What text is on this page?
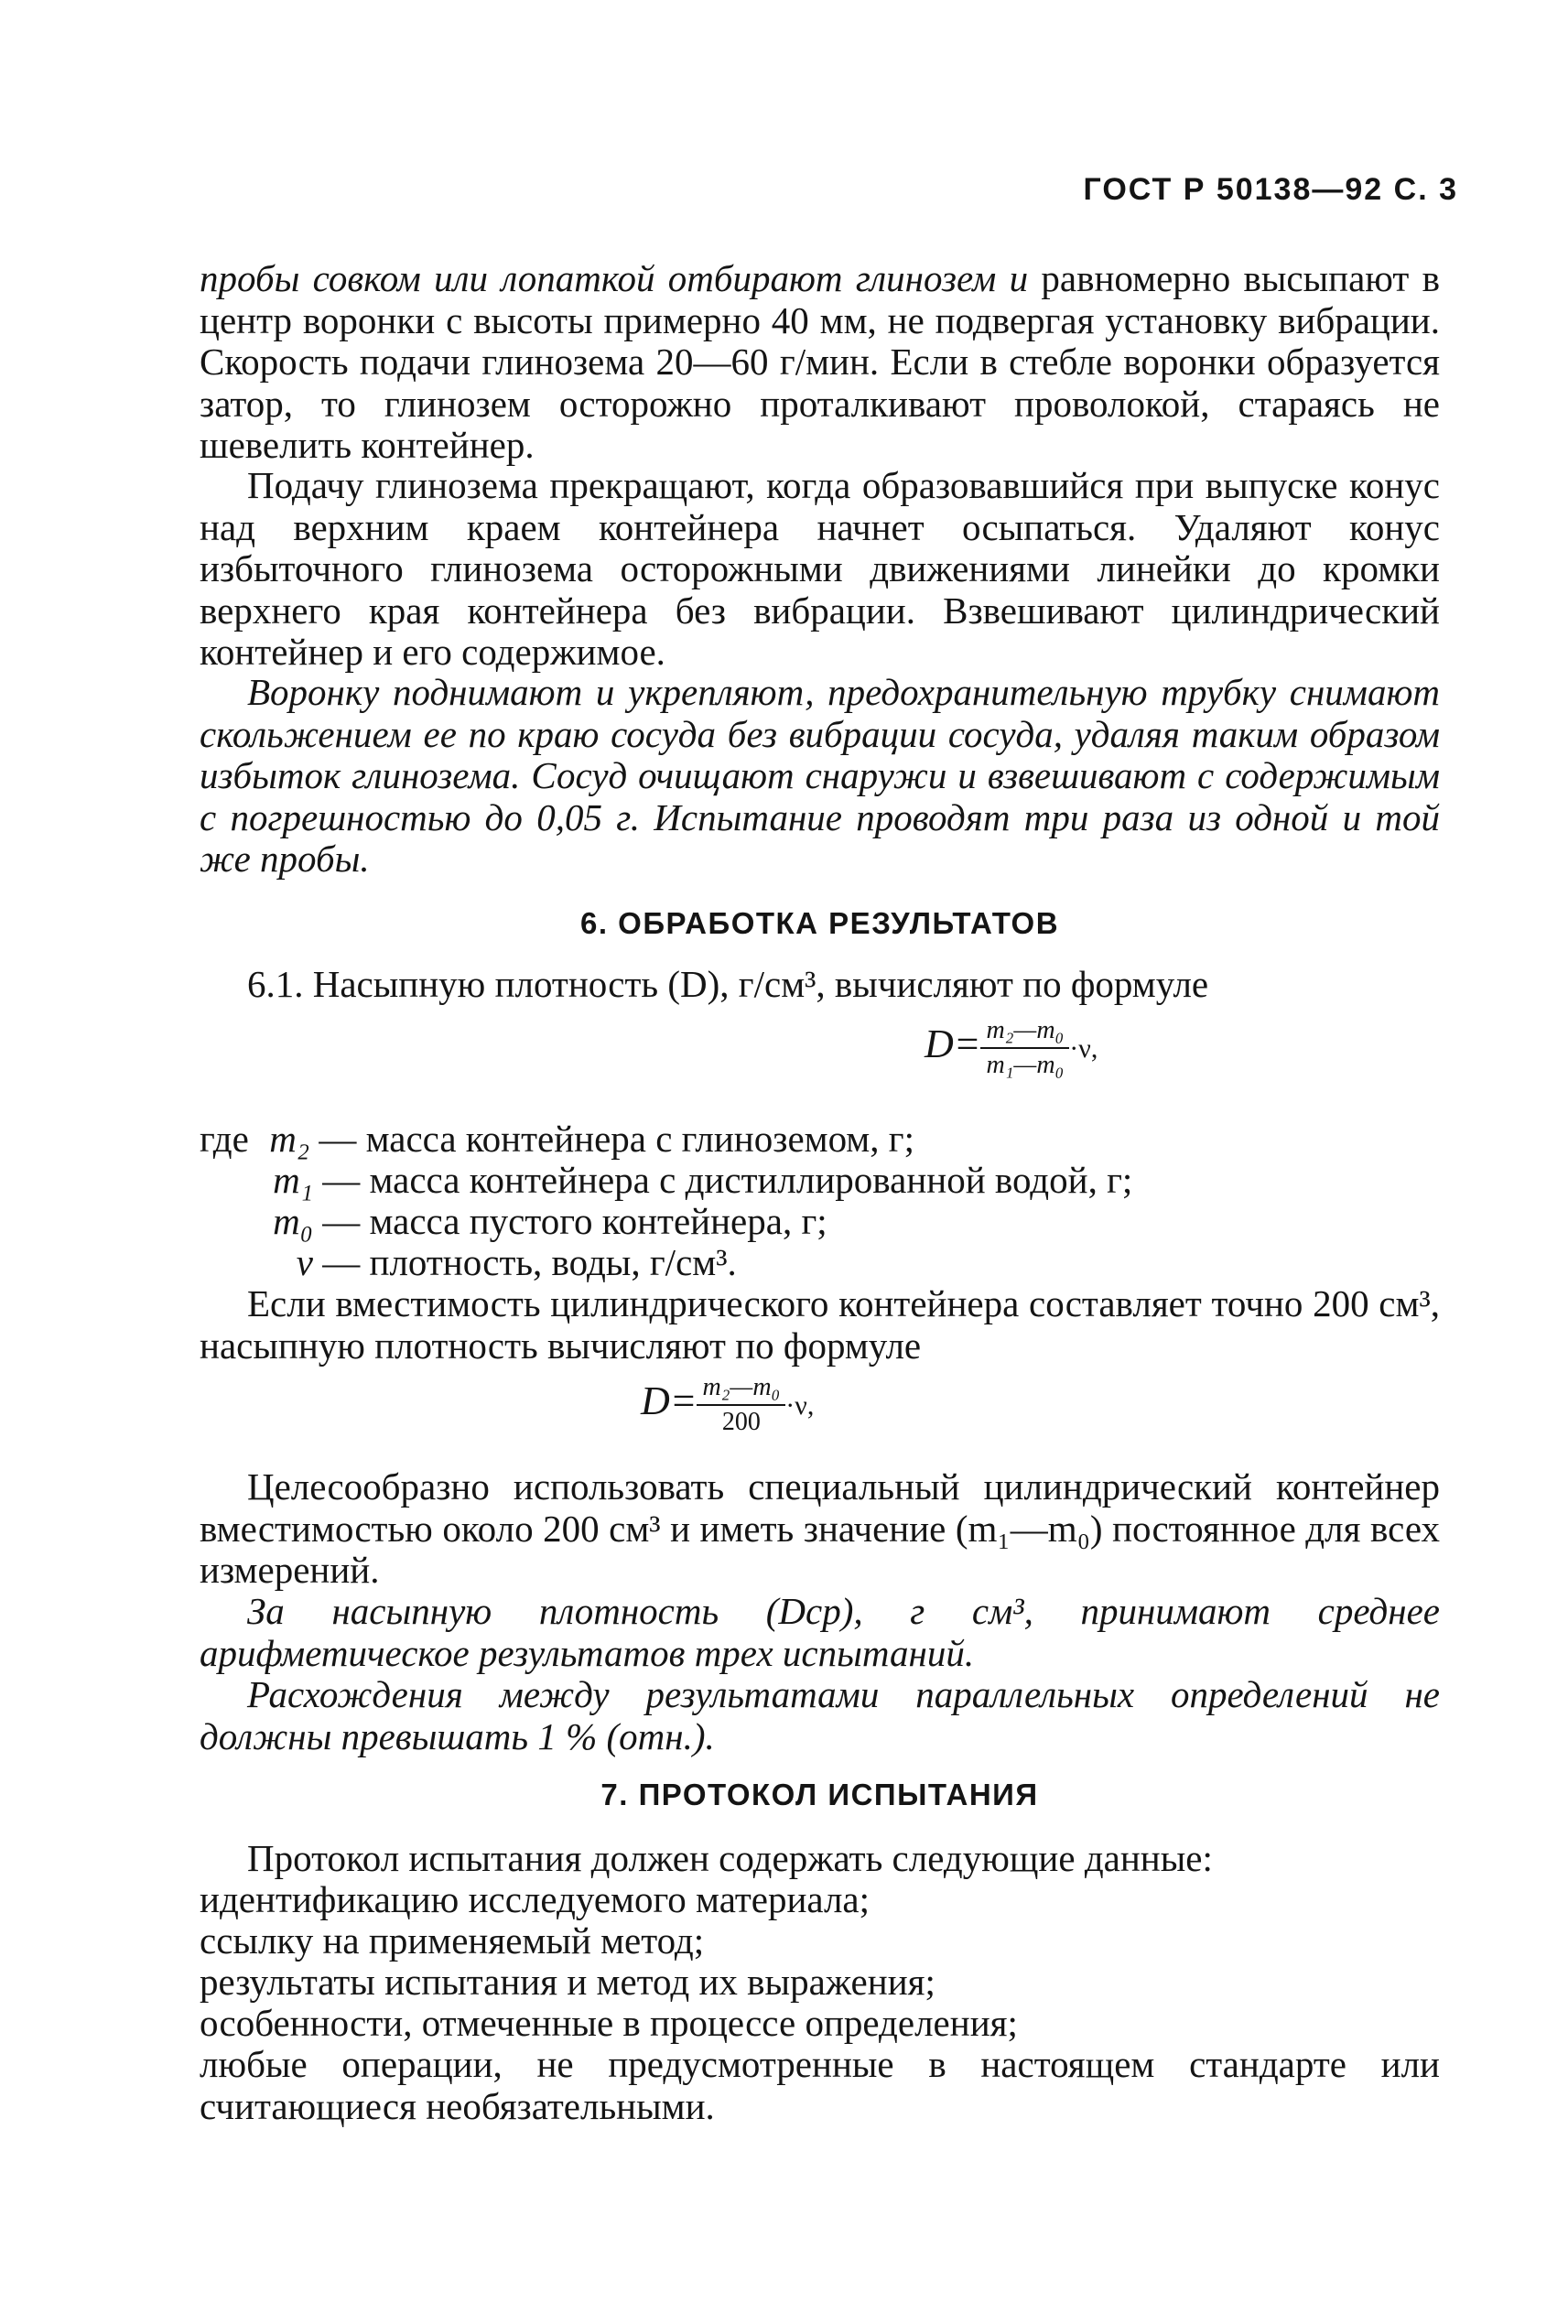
ГОСТ Р 50138—92 С. 3

пробы совком или лопаткой отбирают глинозем и равномерно высыпают в центр воронки с высоты примерно 40 мм, не подвергая установку вибрации. Скорость подачи глинозема 20—60 г/мин. Если в стебле воронки образуется затор, то глинозем осторожно проталкивают проволокой, стараясь не шевелить контейнер.

Подачу глинозема прекращают, когда образовавшийся при выпуске конус над верхним краем контейнера начнет осыпаться. Удаляют конус избыточного глинозема осторожными движениями линейки до кромки верхнего края контейнера без вибрации. Взвешивают цилиндрический контейнер и его содержимое.

Воронку поднимают и укрепляют, предохранительную трубку снимают скольжением ее по краю сосуда без вибрации сосуда, удаляя таким образом избыток глинозема. Сосуд очищают снаружи и взвешивают с содержимым с погрешностью до 0,05 г. Испытание проводят три раза из одной и той же пробы.

6. ОБРАБОТКА РЕЗУЛЬТАТОВ

6.1. Насыпную плотность (D), г/см³, вычисляют по формуле

$D= \frac{\text{m₂—m₀}}{\text{m₁—m₀}} \cdot\nu$,
где m₂ — масса контейнера с глиноземом, г;
m₁ — масса контейнера с дистиллированной водой, г;
m₀ — масса пустого контейнера, г;
ν — плотность, воды, г/см³.

Если вместимость цилиндрического контейнера составляет точно 200 см³, насыпную плотность вычисляют по формуле

$D= \frac{\text{m₂—m₀}}{200} \cdot\nu$,

Целесообразно использовать специальный цилиндрический контейнер вместимостью около 200 см³ и иметь значение (m₁—m₀) постоянное для всех измерений.

За насыпную плотность (Dср), г см³, принимают среднее арифметическое результатов трех испытаний.

Расхождения между результатами параллельных определений не должны превышать 1 % (отн.).

7. ПРОТОКОЛ ИСПЫТАНИЯ

Протокол испытания должен содержать следующие данные:

идентификацию исследуемого материала;
ссылку на применяемый метод;
результаты испытания и метод их выражения;
особенности, отмеченные в процессе определения;

любые операции, не предусмотренные в настоящем стандарте или считающиеся необязательными.
